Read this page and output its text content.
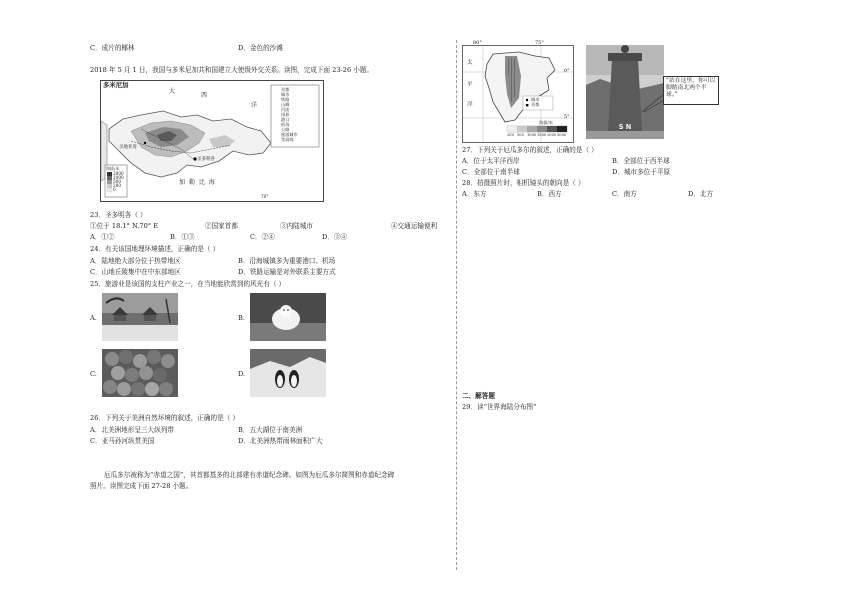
C．成片的椰林	D．金色的沙滩
2018 年 5 月 1 日，我国与多米尼加共和国建立大使级外交关系。读图，完成下面 23-26 小题。
多米尼加
大
西
洋
加 勒 比 海
圣多明各
圣地亚哥
海拔/米
2000
1000
500
200
0
首都
城市
铁路
山峰
河流
国界
港口
机场
公路
旅游城市
等高线
70°
23．圣多明各（ ）
①位于 18.1° N.70° E	②国家首都	③内陆城市	④交通运输便利
A．①②	B．①③	C．②④	D．③④
24．有关该国地理环境描述，正确的是（ ）
A．陆地绝大部分位于热带地区	B．沿海城镇多为重要港口、机场
C．山地丘陵集中在中东部地区	D．铁路运输是对外联系主要方式
25．旅游业是该国的支柱产业之一，在当地能欣赏到的风光有（ ）
A.	B.
C.	D.
26．下列关于美洲自然环境的叙述，正确的是（ ）
A．北美洲地形呈三大纵列带	B．五大湖位于南美洲
C．亚马孙河纵贯美国	D．北美洲热带雨林面积广大
厄瓜多尔被称为“赤道之国”，其首都基多的北部建有赤道纪念碑。如图为厄瓜多尔简图和赤道纪念碑
照片。读图完成下面 27-28 小题。
80°	75°
太
平
洋
0°
5°
城市
首都
海拔/米
200 500 1000 1500 2000 3000
S N
“站在这里，你可以脚踏南北两个半球。”
27．下列关于厄瓜多尔的叙述，正确的是（ ）
A．位于太平洋西岸	B．全部位于西半球
C．全部位于南半球	D．城市多位于平原
28．拍摄照片时，相机镜头的朝向是（ ）
A．东方	B．西方	C．南方	D．北方
二、解答题
29．读“世界海陆分布图”
